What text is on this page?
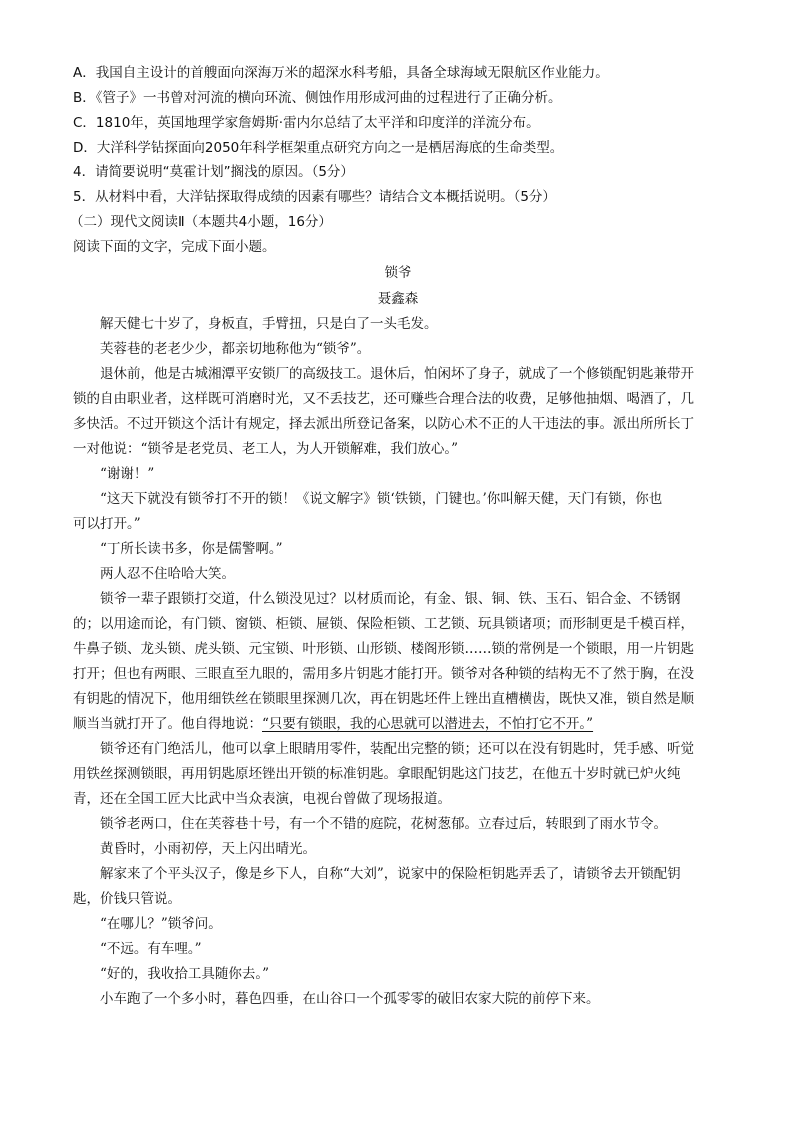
A．我国自主设计的首艘面向深海万米的超深水科考船，具备全球海域无限航区作业能力。
B．《管子》一书曾对河流的横向环流、侧蚀作用形成河曲的过程进行了正确分析。
C．1810年，英国地理学家詹姆斯·雷内尔总结了太平洋和印度洋的洋流分布。
D．大洋科学钻探面向2050年科学框架重点研究方向之一是栖居海底的生命类型。
4．请简要说明“莫霍计划”搁浅的原因。（5分）
5．从材料中看，大洋钻探取得成绩的因素有哪些？请结合文本概括说明。（5分）
（二）现代文阅读Ⅱ（本题共4小题，16分）
阅读下面的文字，完成下面小题。
锁爷
聂鑫森
解天健七十岁了，身板直，手臂扭，只是白了一头毛发。
芙蓉巷的老老少少，都亲切地称他为“锁爷”。
退休前，他是古城湘潭平安锁厂的高级技工。退休后，怕闲坏了身子，就成了一个修锁配钥匙兼带开
锁的自由职业者，这样既可消磨时光，又不丢技艺，还可赚些合理合法的收费，足够他抽烟、喝酒了，几
多快活。不过开锁这个活计有规定，择去派出所登记备案，以防心术不正的人干违法的事。派出所所长丁
一对他说：“锁爷是老党员、老工人，为人开锁解难，我们放心。”
“谢谢！”
“这天下就没有锁爷打不开的锁！《说文解字》锁‘铁锁，门键也。’你叫解天健，天门有锁，你也
可以打开。”
“丁所长读书多，你是儒警啊。”
两人忍不住哈哈大笑。
锁爷一辈子跟锁打交道，什么锁没见过？以材质而论，有金、银、铜、铁、玉石、铝合金、不锈钢
的；以用途而论，有门锁、窗锁、柜锁、屉锁、保险柜锁、工艺锁、玩具锁诸项；而形制更是千模百样，
牛鼻子锁、龙头锁、虎头锁、元宝锁、叶形锁、山形锁、楼阁形锁……锁的常例是一个锁眼，用一片钥匙
打开；但也有两眼、三眼直至九眼的，需用多片钥匙才能打开。锁爷对各种锁的结构无不了然于胸，在没
有钥匙的情况下，他用细铁丝在锁眼里探测几次，再在钥匙坯件上锉出直槽横齿，既快又准，锁自然是顺
顺当当就打开了。他自得地说：“只要有锁眼，我的心思就可以潜进去，不怕打它不开。”
锁爷还有门绝活儿，他可以拿上眼睛用零件，装配出完整的锁；还可以在没有钥匙时，凭手感、听觉
用铁丝探测锁眼，再用钥匙原坯锉出开锁的标准钥匙。拿眼配钥匙这门技艺，在他五十岁时就已炉火纯
青，还在全国工匠大比武中当众表演，电视台曾做了现场报道。
锁爷老两口，住在芙蓉巷十号，有一个不错的庭院，花树葱郁。立春过后，转眼到了雨水节令。
黄昏时，小雨初停，天上闪出晴光。
解家来了个平头汉子，像是乡下人，自称“大刘”，说家中的保险柜钥匙弄丢了，请锁爷去开锁配钥
匙，价钱只管说。
“在哪儿？”锁爷问。
“不远。有车哩。”
“好的，我收拾工具随你去。”
小车跑了一个多小时，暮色四垂，在山谷口一个孤零零的破旧农家大院的前停下来。
